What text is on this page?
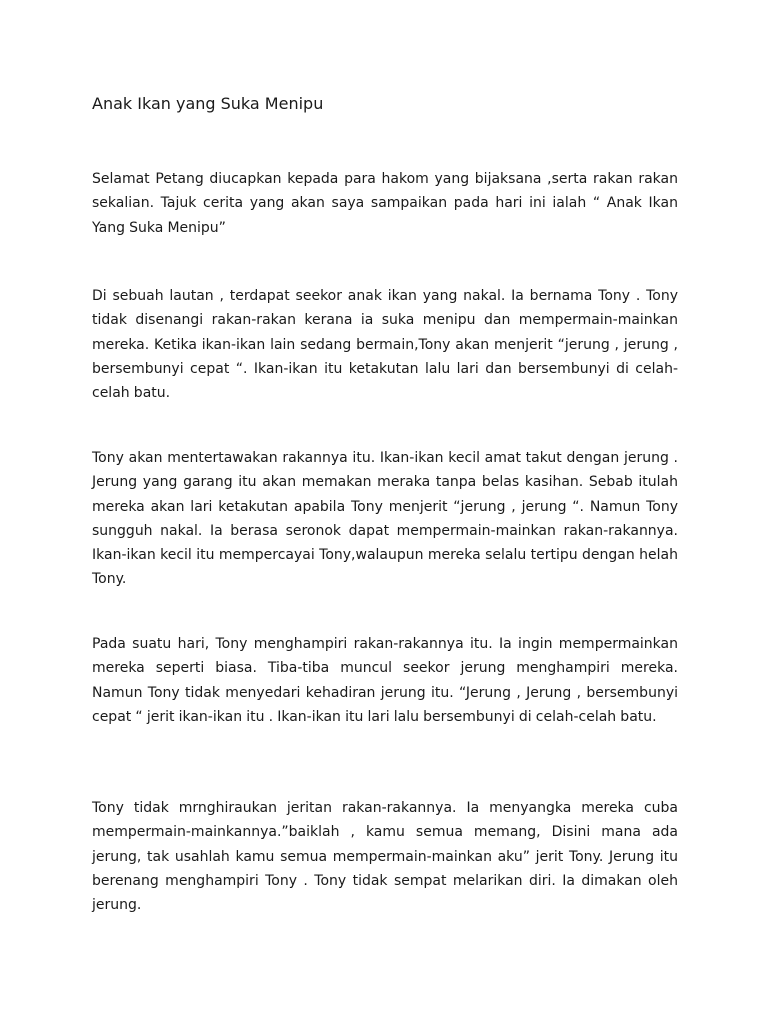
Anak Ikan yang Suka Menipu

Selamat Petang diucapkan kepada para hakom yang bijaksana ,serta rakan rakan sekalian. Tajuk cerita yang akan saya sampaikan pada hari ini ialah “ Anak Ikan Yang Suka Menipu”

Di sebuah lautan , terdapat seekor anak ikan yang nakal. Ia bernama Tony . Tony tidak disenangi rakan-rakan kerana ia suka menipu dan mempermain-mainkan mereka. Ketika ikan-ikan lain sedang bermain,Tony akan menjerit “jerung , jerung , bersembunyi cepat “. Ikan-ikan itu ketakutan lalu lari dan bersembunyi di celah-celah batu.

Tony akan mentertawakan rakannya itu. Ikan-ikan kecil amat takut dengan jerung . Jerung yang garang itu akan memakan meraka tanpa belas kasihan. Sebab itulah mereka akan lari ketakutan apabila Tony menjerit “jerung , jerung “. Namun Tony sungguh nakal. Ia berasa seronok dapat mempermain-mainkan rakan-rakannya. Ikan-ikan kecil itu mempercayai Tony,walaupun mereka selalu tertipu dengan helah Tony.

Pada suatu hari, Tony menghampiri rakan-rakannya itu. Ia ingin mempermainkan mereka seperti biasa. Tiba-tiba muncul seekor jerung menghampiri mereka. Namun Tony tidak menyedari kehadiran jerung itu. “Jerung , Jerung , bersembunyi cepat “ jerit ikan-ikan itu . Ikan-ikan itu lari lalu bersembunyi di celah-celah batu.

Tony tidak mrnghiraukan jeritan rakan-rakannya. Ia menyangka mereka cuba mempermain-mainkannya.”baiklah , kamu semua memang, Disini mana ada jerung, tak usahlah kamu semua mempermain-mainkan aku” jerit Tony. Jerung itu berenang menghampiri Tony . Tony tidak sempat melarikan diri. Ia dimakan oleh jerung.
